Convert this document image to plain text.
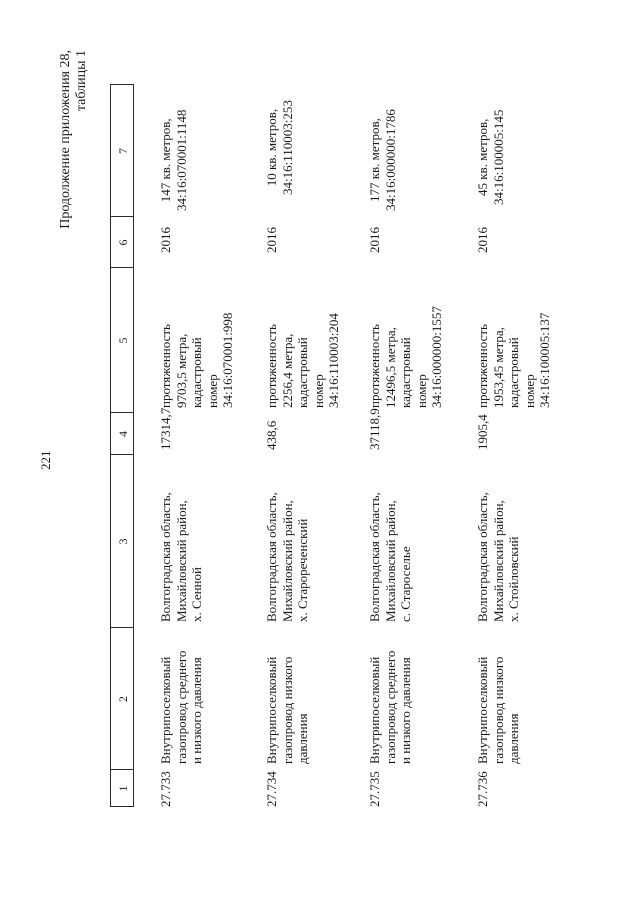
221
Продолжение приложения 28, таблицы 1
1
2
3
4
5
6
7
27.733
Внутрипоселковый
газопровод среднего
и низкого давления
Волгоградская область,
Михайловский район,
х. Сенной
17314,7
протяженность
9703,5 метра,
кадастровый
номер
34:16:070001:998
2016
147 кв. метров,
34:16:070001:1148
27.734
Внутрипоселковый
газопровод низкого
давления
Волгоградская область,
Михайловский район,
х. Старореченский
438,6
протяженность
2256,4 метра,
кадастровый
номер
34:16:110003:204
2016
10 кв. метров,
34:16:110003:253
27.735
Внутрипоселковый
газопровод среднего
и низкого давления
Волгоградская область,
Михайловский район,
с. Староселье
37118,9
протяженность
12496,5 метра,
кадастровый
номер
34:16:000000:1557
2016
177 кв. метров,
34:16:000000:1786
27.736
Внутрипоселковый
газопровод низкого
давления
Волгоградская область,
Михайловский район,
х. Стойловский
1905,4
протяженность
1953,45 метра,
кадастровый
номер
34:16:100005:137
2016
45 кв. метров,
34:16:100005:145
